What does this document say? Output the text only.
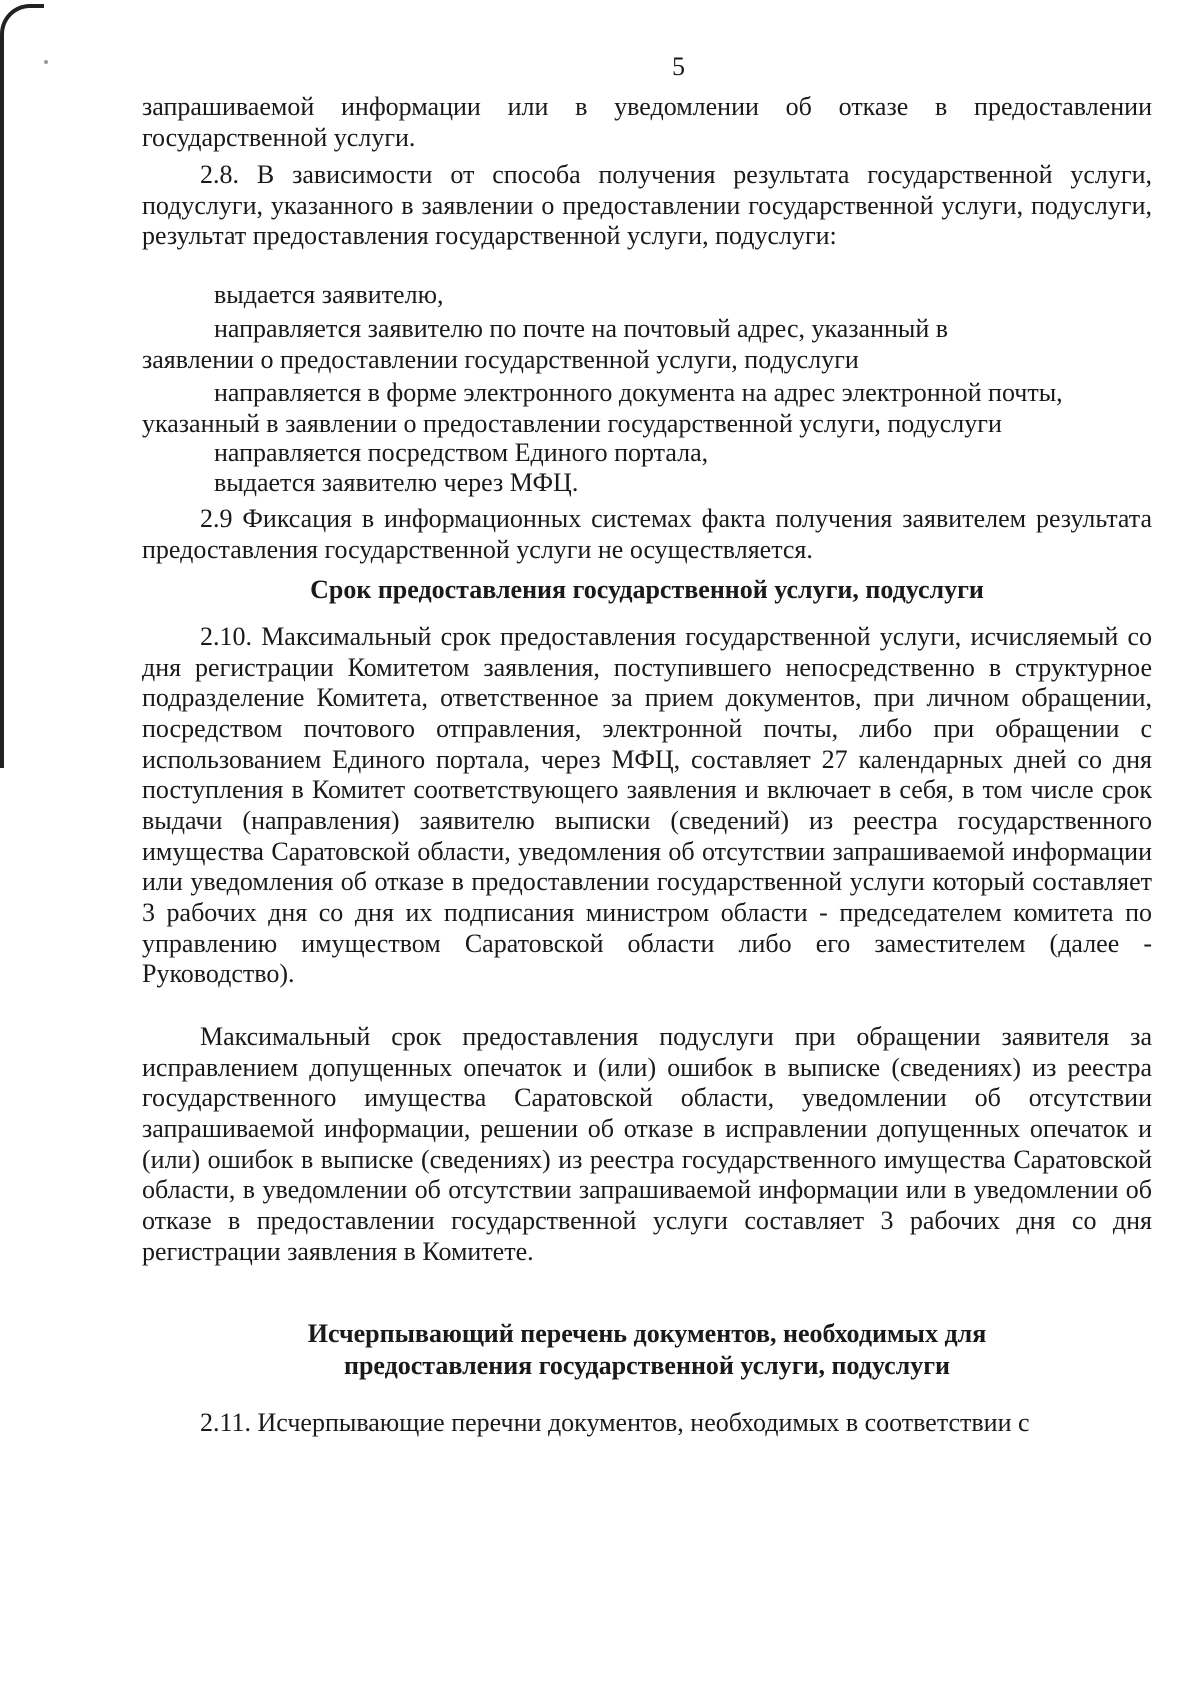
5

запрашиваемой информации или в уведомлении об отказе в предоставлении государственной услуги.

2.8. В зависимости от способа получения результата государственной услуги, подуслуги, указанного в заявлении о предоставлении государственной услуги, подуслуги, результат предоставления государственной услуги, подуслуги:

выдается заявителю,

направляется заявителю по почте на почтовый адрес, указанный в
заявлении о предоставлении государственной услуги, подуслуги

направляется в форме электронного документа на адрес электронной почты,
указанный в заявлении о предоставлении государственной услуги, подуслуги

направляется посредством Единого портала,

выдается заявителю через МФЦ.

2.9 Фиксация в информационных системах факта получения заявителем результата предоставления государственной услуги не осуществляется.

Срок предоставления государственной услуги, подуслуги

2.10. Максимальный срок предоставления государственной услуги, исчисляемый со дня регистрации Комитетом заявления, поступившего непосредственно в структурное подразделение Комитета, ответственное за прием документов, при личном обращении, посредством почтового отправления, электронной почты, либо при обращении с использованием Единого портала, через МФЦ, составляет 27 календарных дней со дня поступления в Комитет соответствующего заявления и включает в себя, в том числе срок выдачи (направления) заявителю выписки (сведений) из реестра государственного имущества Саратовской области, уведомления об отсутствии запрашиваемой информации или уведомления об отказе в предоставлении государственной услуги который составляет 3 рабочих дня со дня их подписания министром области - председателем комитета по управлению имуществом Саратовской области либо его заместителем (далее - Руководство).

Максимальный срок предоставления подуслуги при обращении заявителя за исправлением допущенных опечаток и (или) ошибок в выписке (сведениях) из реестра государственного имущества Саратовской области, уведомлении об отсутствии запрашиваемой информации, решении об отказе в исправлении допущенных опечаток и (или) ошибок в выписке (сведениях) из реестра государственного имущества Саратовской области, в уведомлении об отсутствии запрашиваемой информации или в уведомлении об отказе в предоставлении государственной услуги составляет 3 рабочих дня со дня регистрации заявления в Комитете.

Исчерпывающий перечень документов, необходимых для
предоставления государственной услуги, подуслуги

2.11. Исчерпывающие перечни документов, необходимых в соответствии с
